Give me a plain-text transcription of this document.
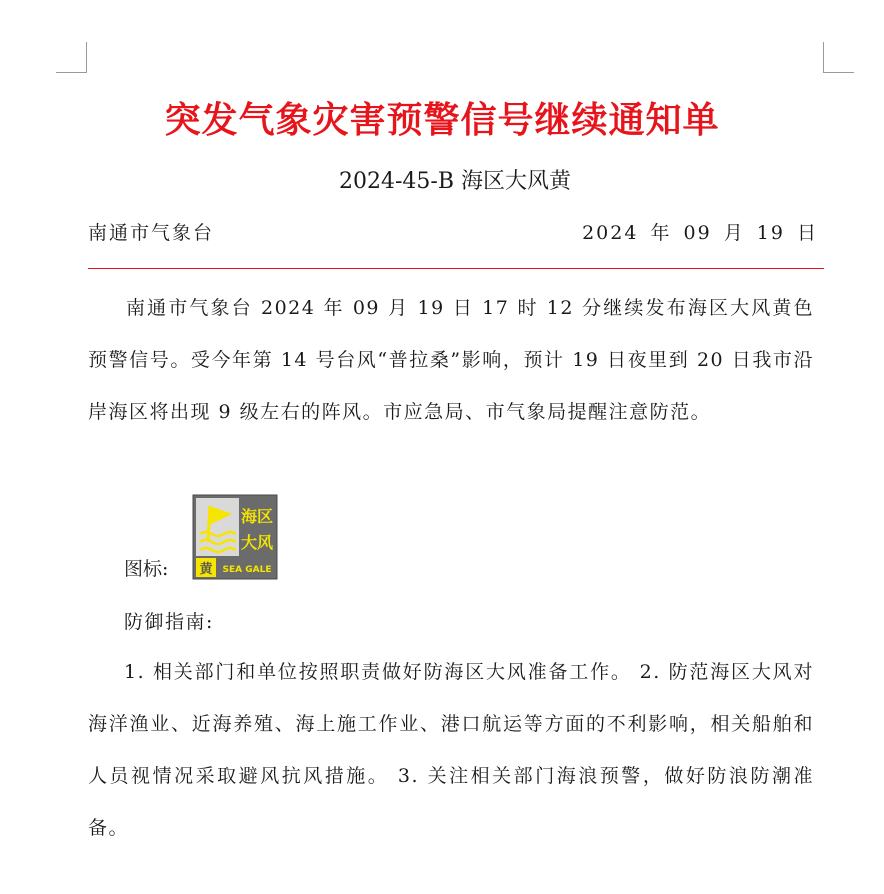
突发气象灾害预警信号继续通知单
2024-45-B 海区大风黄
南通市气象台	2024 年 09 月 19 日
南通市气象台 2024 年 09 月 19 日 17 时 12 分继续发布海区大风黄色预警信号。受今年第 14 号台风“普拉桑”影响，预计 19 日夜里到 20 日我市沿岸海区将出现 9 级左右的阵风。市应急局、市气象局提醒注意防范。
图标:
海区
大风
黄 SEA GALE
防御指南:
1. 相关部门和单位按照职责做好防海区大风准备工作。 2. 防范海区大风对海洋渔业、近海养殖、海上施工作业、港口航运等方面的不利影响，相关船舶和人员视情况采取避风抗风措施。 3. 关注相关部门海浪预警，做好防浪防潮准备。
